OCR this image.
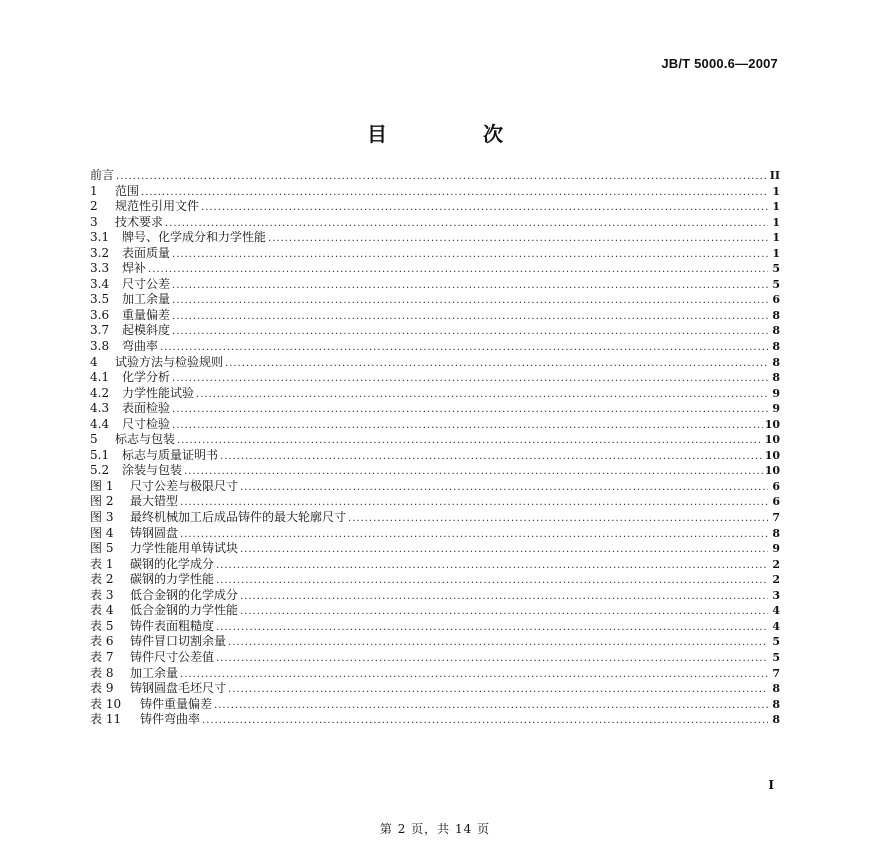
JB/T 5000.6—2007
目　次
前言 .....	II
1	范围 .....	1
2	规范性引用文件 .....	1
3	技术要求 .....	1
3.1	牌号、化学成分和力学性能 .....	1
3.2	表面质量 .....	1
3.3	焊补 .....	5
3.4	尺寸公差 .....	5
3.5	加工余量 .....	6
3.6	重量偏差 .....	8
3.7	起模斜度 .....	8
3.8	弯曲率 .....	8
4	试验方法与检验规则 .....	8
4.1	化学分析 .....	8
4.2	力学性能试验 .....	9
4.3	表面检验 .....	9
4.4	尺寸检验 .....	10
5	标志与包装 .....	10
5.1	标志与质量证明书 .....	10
5.2	涂装与包装 .....	10
图 1	尺寸公差与极限尺寸 .....	6
图 2	最大错型 .....	6
图 3	最终机械加工后成品铸件的最大轮廓尺寸 .....	7
图 4	铸钢圆盘 .....	8
图 5	力学性能用单铸试块 .....	9
表 1	碳钢的化学成分 .....	2
表 2	碳钢的力学性能 .....	2
表 3	低合金钢的化学成分 .....	3
表 4	低合金钢的力学性能 .....	4
表 5	铸件表面粗糙度 .....	4
表 6	铸件冒口切割余量 .....	5
表 7	铸件尺寸公差值 .....	5
表 8	加工余量 .....	7
表 9	铸钢圆盘毛坯尺寸 .....	8
表 10	铸件重量偏差 .....	8
表 11	铸件弯曲率 .....	8
I
第 2 页，共 14 页
